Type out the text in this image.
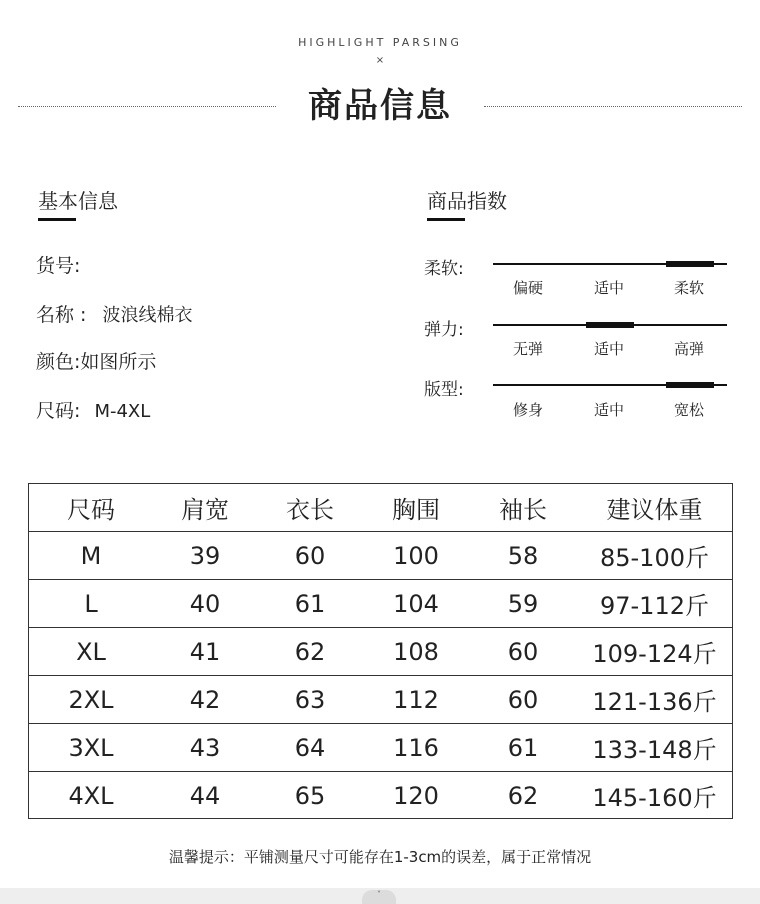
HIGHLIGHT PARSING
×
商品信息
基本信息
货号:
名称 : 波浪线棉衣
颜色:如图所示
尺码: M-4XL
商品指数
柔软:
偏硬	适中	柔软
弹力:
无弹	适中	高弹
版型:
修身	适中	宽松
尺码	肩宽	衣长	胸围	袖长	建议体重
M	39	60	100	58	85-100斤
L	40	61	104	59	97-112斤
XL	41	62	108	60	109-124斤
2XL	42	63	112	60	121-136斤
3XL	43	64	116	61	133-148斤
4XL	44	65	120	62	145-160斤
温馨提示：平铺测量尺寸可能存在1-3cm的误差，属于正常情况
˅
